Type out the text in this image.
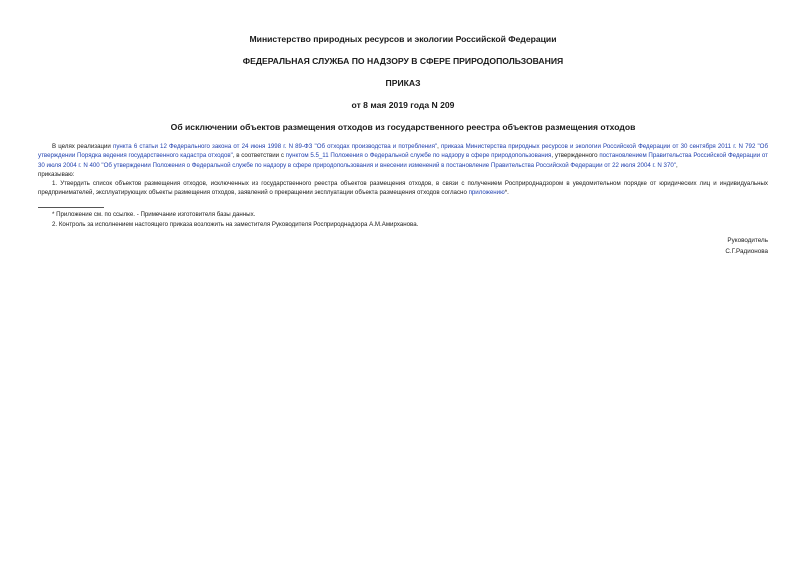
Министерство природных ресурсов и экологии Российской Федерации

ФЕДЕРАЛЬНАЯ СЛУЖБА ПО НАДЗОРУ В СФЕРЕ ПРИРОДОПОЛЬЗОВАНИЯ

ПРИКАЗ

от 8 мая 2019 года N 209

Об исключении объектов размещения отходов из государственного реестра объектов размещения отходов

В целях реализации пункта 6 статьи 12 Федерального закона от 24 июня 1998 г. N 89-ФЗ "Об отходах производства и потребления", приказа Министерства природных ресурсов и экологии Российской Федерации от 30 сентября 2011 г. N 792 "Об утверждении Порядка ведения государственного кадастра отходов", в соответствии с пунктом 5.5_11 Положения о Федеральной службе по надзору в сфере природопользования, утвержденного постановлением Правительства Российской Федерации от 30 июля 2004 г. N 400 "Об утверждении Положения о Федеральной службе по надзору в сфере природопользования и внесении изменений в постановление Правительства Российской Федерации от 22 июля 2004 г. N 370",

приказываю:

1. Утвердить список объектов размещения отходов, исключенных из государственного реестра объектов размещения отходов, в связи с получением Росприроднадзором в уведомительном порядке от юридических лиц и индивидуальных предпринимателей, эксплуатирующих объекты размещения отходов, заявлений о прекращении эксплуатации объекта размещения отходов согласно приложению*.

* Приложение см. по ссылке. - Примечание изготовителя базы данных.

2. Контроль за исполнением настоящего приказа возложить на заместителя Руководителя Росприроднадзора А.М.Амирханова.

Руководитель
С.Г.Радионова
